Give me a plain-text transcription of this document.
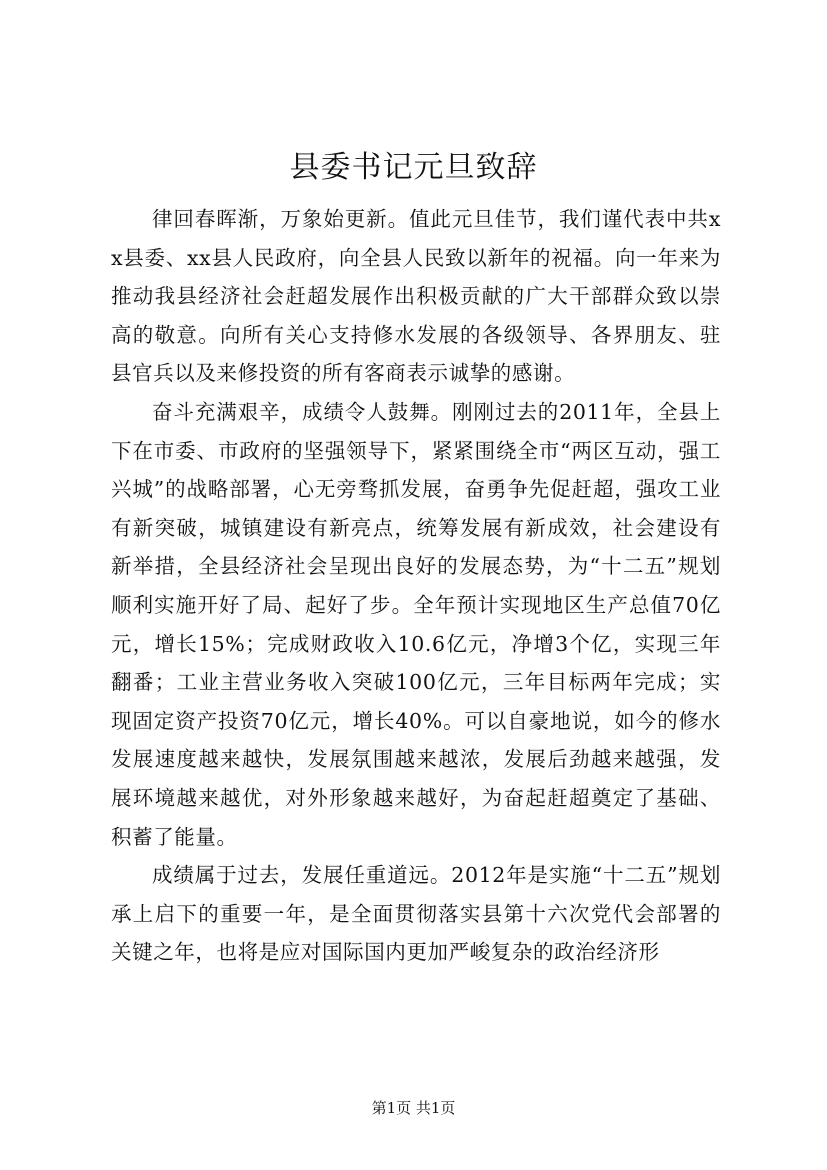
县委书记元旦致辞

律回春晖渐，万象始更新。值此元旦佳节，我们谨代表中共xx县委、xx县人民政府，向全县人民致以新年的祝福。向一年来为推动我县经济社会赶超发展作出积极贡献的广大干部群众致以崇高的敬意。向所有关心支持修水发展的各级领导、各界朋友、驻县官兵以及来修投资的所有客商表示诚挚的感谢。

奋斗充满艰辛，成绩令人鼓舞。刚刚过去的2011年，全县上下在市委、市政府的坚强领导下，紧紧围绕全市“两区互动，强工兴城”的战略部署，心无旁骛抓发展，奋勇争先促赶超，强攻工业有新突破，城镇建设有新亮点，统筹发展有新成效，社会建设有新举措，全县经济社会呈现出良好的发展态势，为“十二五”规划顺利实施开好了局、起好了步。全年预计实现地区生产总值70亿元，增长15%；完成财政收入10.6亿元，净增3个亿，实现三年翻番；工业主营业务收入突破100亿元，三年目标两年完成；实现固定资产投资70亿元，增长40%。可以自豪地说，如今的修水发展速度越来越快，发展氛围越来越浓，发展后劲越来越强，发展环境越来越优，对外形象越来越好，为奋起赶超奠定了基础、积蓄了能量。

成绩属于过去，发展任重道远。2012年是实施“十二五”规划承上启下的重要一年，是全面贯彻落实县第十六次党代会部署的关键之年，也将是应对国际国内更加严峻复杂的政治经济形

第1页 共1页
